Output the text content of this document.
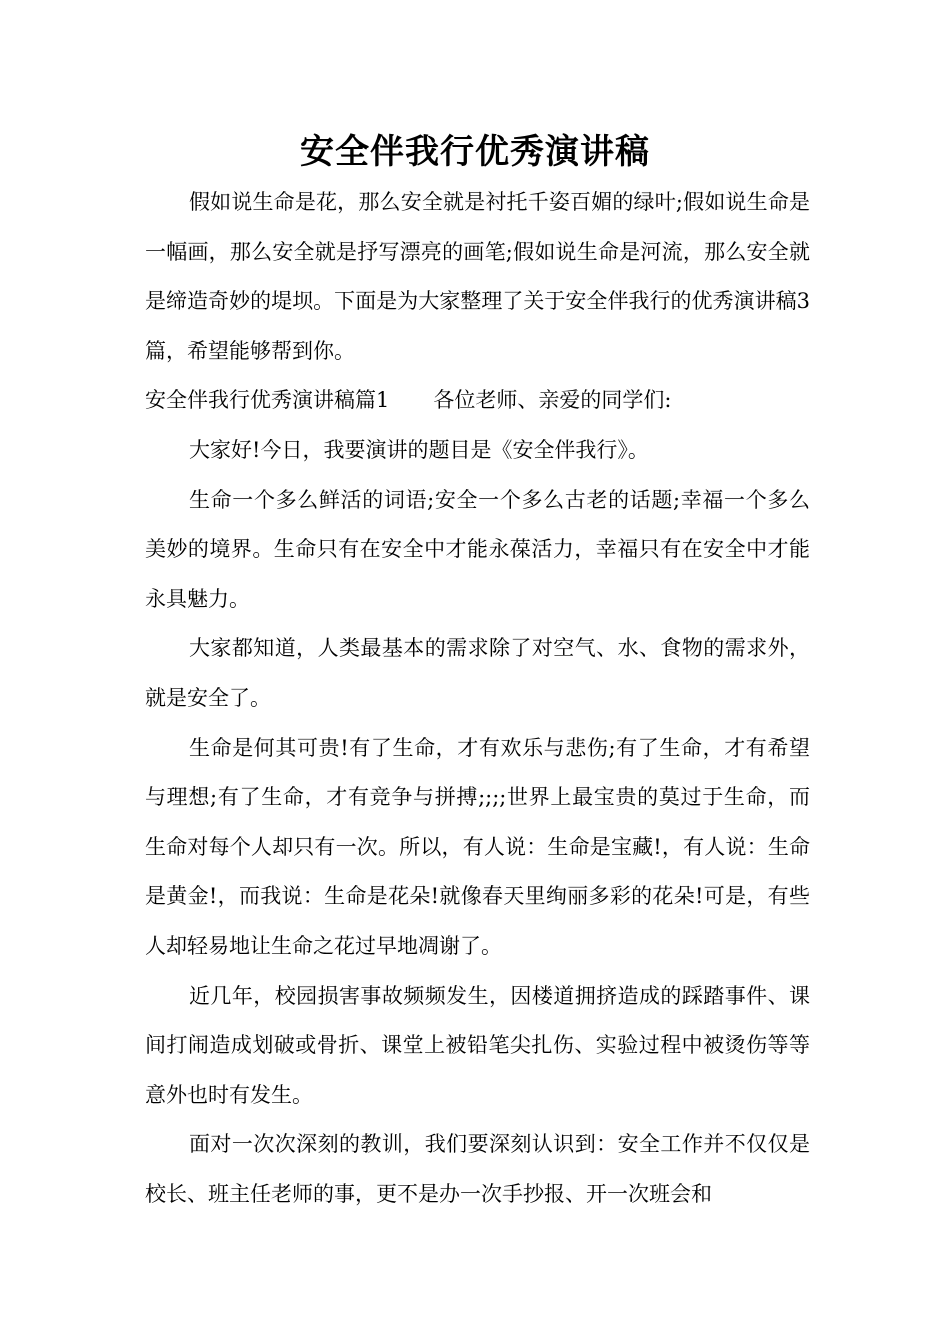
安全伴我行优秀演讲稿

假如说生命是花，那么安全就是衬托千姿百媚的绿叶;假如说生命是一幅画，那么安全就是抒写漂亮的画笔;假如说生命是河流，那么安全就是缔造奇妙的堤坝。下面是为大家整理了关于安全伴我行的优秀演讲稿3篇，希望能够帮到你。

安全伴我行优秀演讲稿篇1 各位老师、亲爱的同学们:

大家好!今日，我要演讲的题目是《安全伴我行》。

生命一个多么鲜活的词语;安全一个多么古老的话题;幸福一个多么美妙的境界。生命只有在安全中才能永葆活力，幸福只有在安全中才能永具魅力。

大家都知道，人类最基本的需求除了对空气、水、食物的需求外，就是安全了。

生命是何其可贵!有了生命，才有欢乐与悲伤;有了生命，才有希望与理想;有了生命，才有竞争与拼搏;;;;世界上最宝贵的莫过于生命，而生命对每个人却只有一次。所以，有人说：生命是宝藏!，有人说：生命是黄金!，而我说：生命是花朵!就像春天里绚丽多彩的花朵!可是，有些人却轻易地让生命之花过早地凋谢了。

近几年，校园损害事故频频发生，因楼道拥挤造成的踩踏事件、课间打闹造成划破或骨折、课堂上被铅笔尖扎伤、实验过程中被烫伤等等意外也时有发生。

面对一次次深刻的教训，我们要深刻认识到：安全工作并不仅仅是校长、班主任老师的事，更不是办一次手抄报、开一次班会和
